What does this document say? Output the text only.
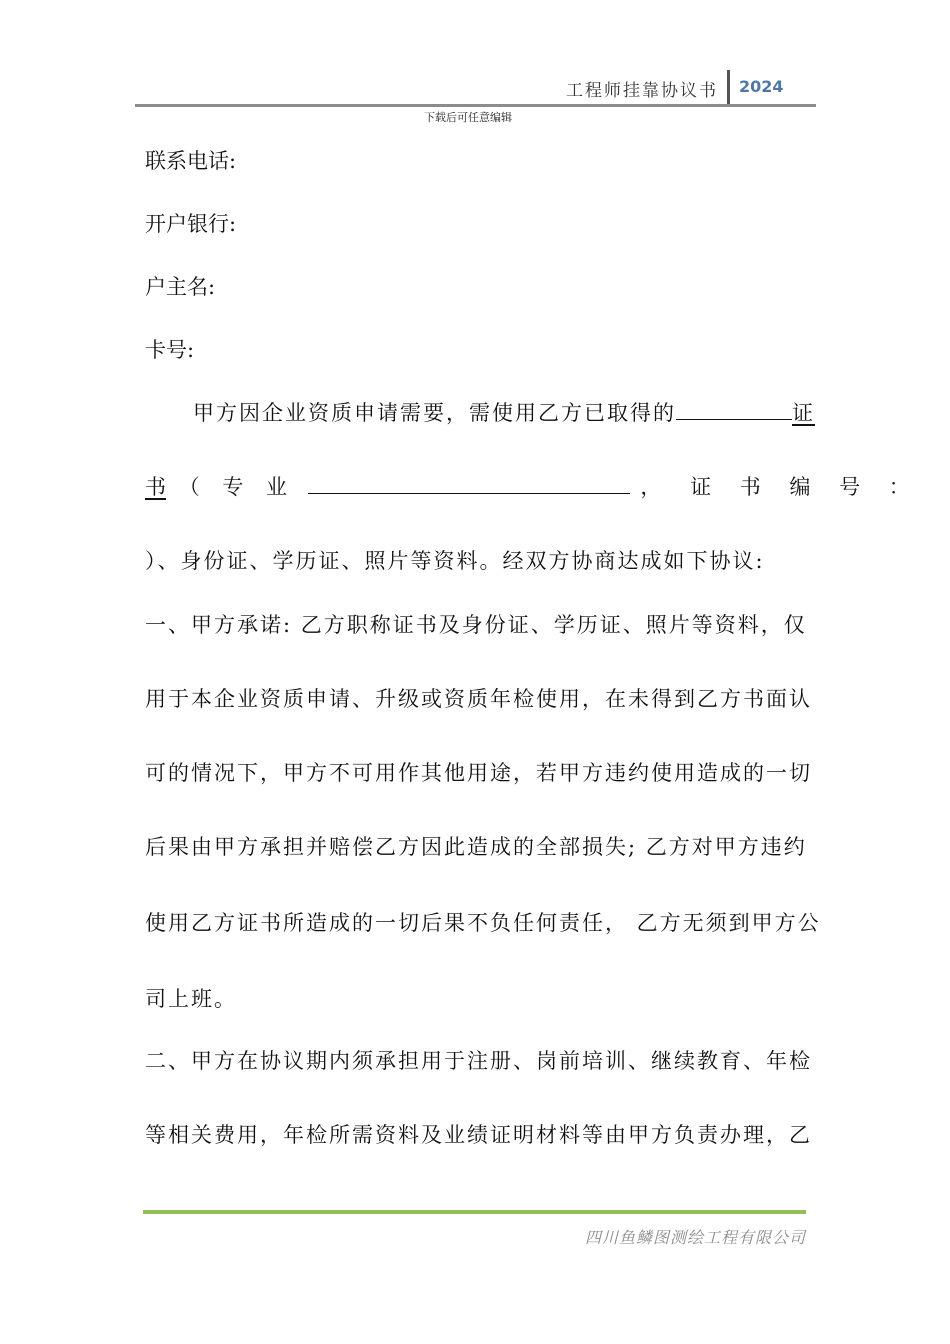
工程师挂靠协议书 2024
下载后可任意编辑
联系电话:
开户银行:
户主名:
卡号:
甲方因企业资质申请需要，需使用乙方已取得的	证
书 （ 专 业	， 证 书 编 号 ：
）、身份证、学历证、照片等资料。经双方协商达成如下协议:
一、甲方承诺: 乙方职称证书及身份证、学历证、照片等资料，仅
用于本企业资质申请、升级或资质年检使用，在未得到乙方书面认
可的情况下，甲方不可用作其他用途，若甲方违约使用造成的一切
后果由甲方承担并赔偿乙方因此造成的全部损失; 乙方对甲方违约
使用乙方证书所造成的一切后果不负任何责任， 乙方无须到甲方公
司上班。
二、甲方在协议期内须承担用于注册、岗前培训、继续教育、年检
等相关费用，年检所需资料及业绩证明材料等由甲方负责办理，乙
四川鱼鳞图测绘工程有限公司
